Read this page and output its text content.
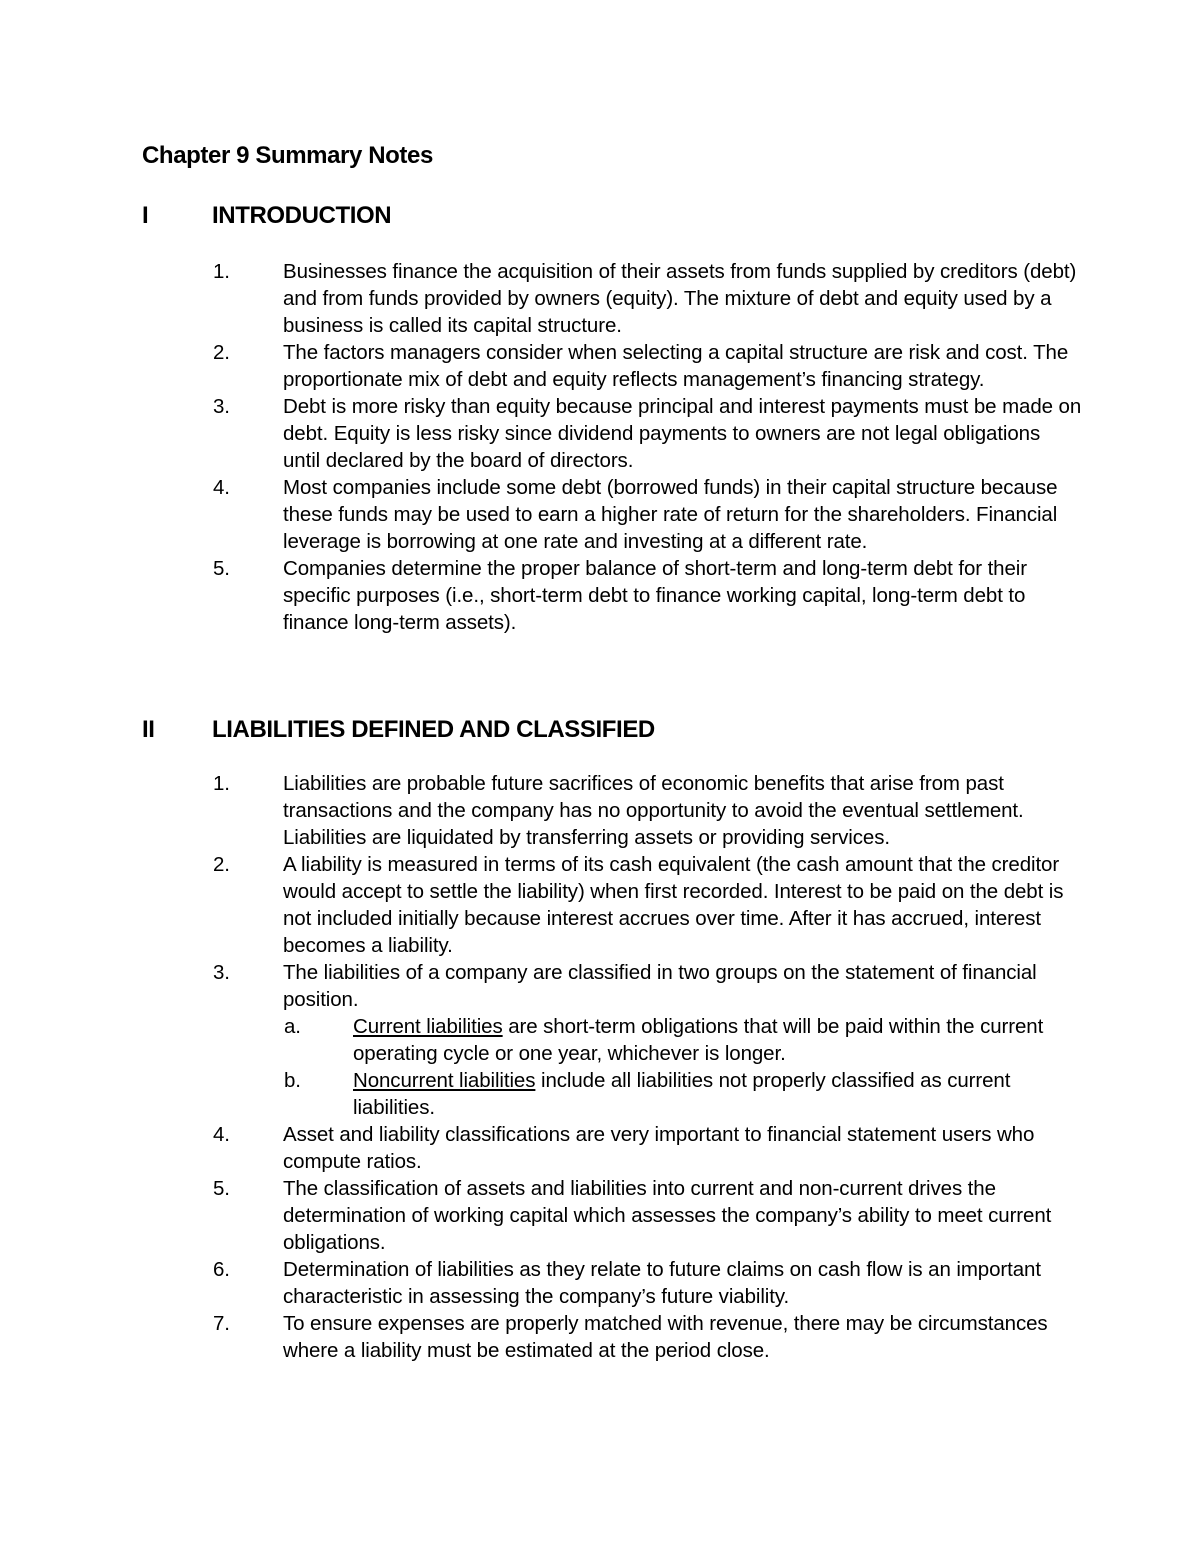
Chapter 9 Summary Notes
I	INTRODUCTION
1.	Businesses finance the acquisition of their assets from funds supplied by creditors (debt) and from funds provided by owners (equity). The mixture of debt and equity used by a business is called its capital structure.
2.	The factors managers consider when selecting a capital structure are risk and cost. The proportionate mix of debt and equity reflects management’s financing strategy.
3.	Debt is more risky than equity because principal and interest payments must be made on debt. Equity is less risky since dividend payments to owners are not legal obligations until declared by the board of directors.
4.	Most companies include some debt (borrowed funds) in their capital structure because these funds may be used to earn a higher rate of return for the shareholders. Financial leverage is borrowing at one rate and investing at a different rate.
5.	Companies determine the proper balance of short-term and long-term debt for their specific purposes (i.e., short-term debt to finance working capital, long-term debt to finance long-term assets).
II LIABILITIES DEFINED AND CLASSIFIED
1.	Liabilities are probable future sacrifices of economic benefits that arise from past transactions and the company has no opportunity to avoid the eventual settlement. Liabilities are liquidated by transferring assets or providing services.
2.	A liability is measured in terms of its cash equivalent (the cash amount that the creditor would accept to settle the liability) when first recorded. Interest to be paid on the debt is not included initially because interest accrues over time. After it has accrued, interest becomes a liability.
3.	The liabilities of a company are classified in two groups on the statement of financial position.
a.	Current liabilities are short-term obligations that will be paid within the current operating cycle or one year, whichever is longer.
b.	Noncurrent liabilities include all liabilities not properly classified as current liabilities.
4.	Asset and liability classifications are very important to financial statement users who compute ratios.
5.	The classification of assets and liabilities into current and non-current drives the determination of working capital which assesses the company’s ability to meet current obligations.
6.	Determination of liabilities as they relate to future claims on cash flow is an important characteristic in assessing the company’s future viability.
7.	To ensure expenses are properly matched with revenue, there may be circumstances where a liability must be estimated at the period close.
